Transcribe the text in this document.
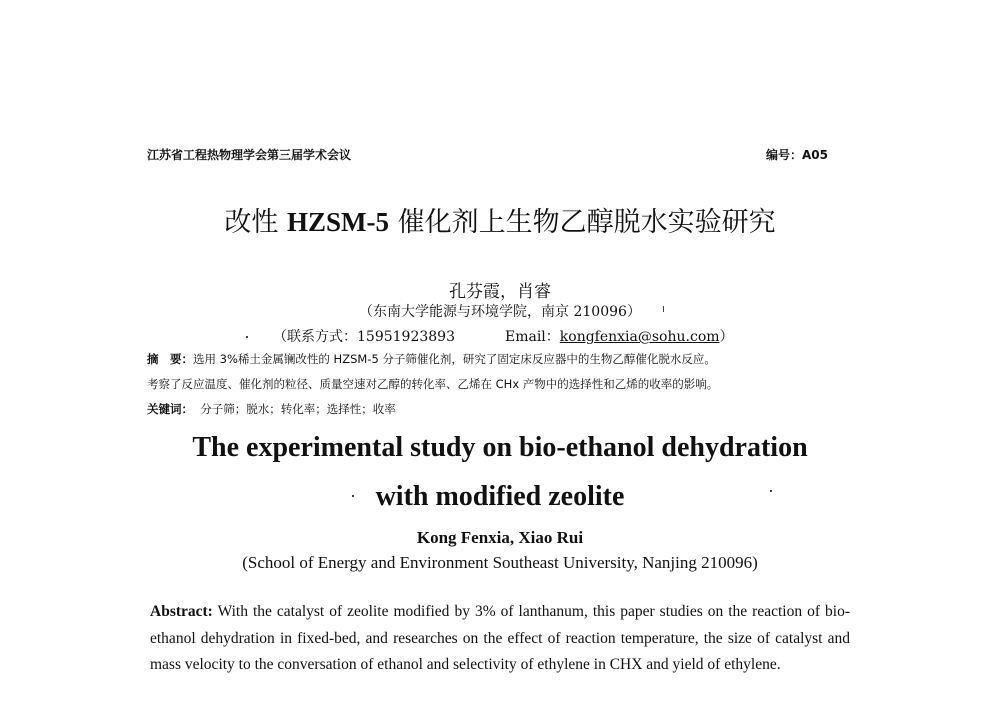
江苏省工程热物理学会第三届学术会议	编号：A05
改性 HZSM-5 催化剂上生物乙醇脱水实验研究
孔芬霞，肖睿
（东南大学能源与环境学院，南京 210096）
（联系方式：15951923893	Email：kongfenxia@sohu.com）
摘　要：选用 3%稀土金属镧改性的 HZSM-5 分子筛催化剂，研究了固定床反应器中的生物乙醇催化脱水反应。
考察了反应温度、催化剂的粒径、质量空速对乙醇的转化率、乙烯在 CHx 产物中的选择性和乙烯的收率的影响。
关键词： 分子筛；脱水；转化率；选择性；收率
The experimental study on bio-ethanol dehydration
with modified zeolite
Kong Fenxia, Xiao Rui
(School of Energy and Environment Southeast University, Nanjing 210096)
Abstract: With the catalyst of zeolite modified by 3% of lanthanum, this paper studies on the reaction of bio-ethanol dehydration in fixed-bed, and researches on the effect of reaction temperature, the size of catalyst and mass velocity to the conversation of ethanol and selectivity of ethylene in CHX and yield of ethylene.
